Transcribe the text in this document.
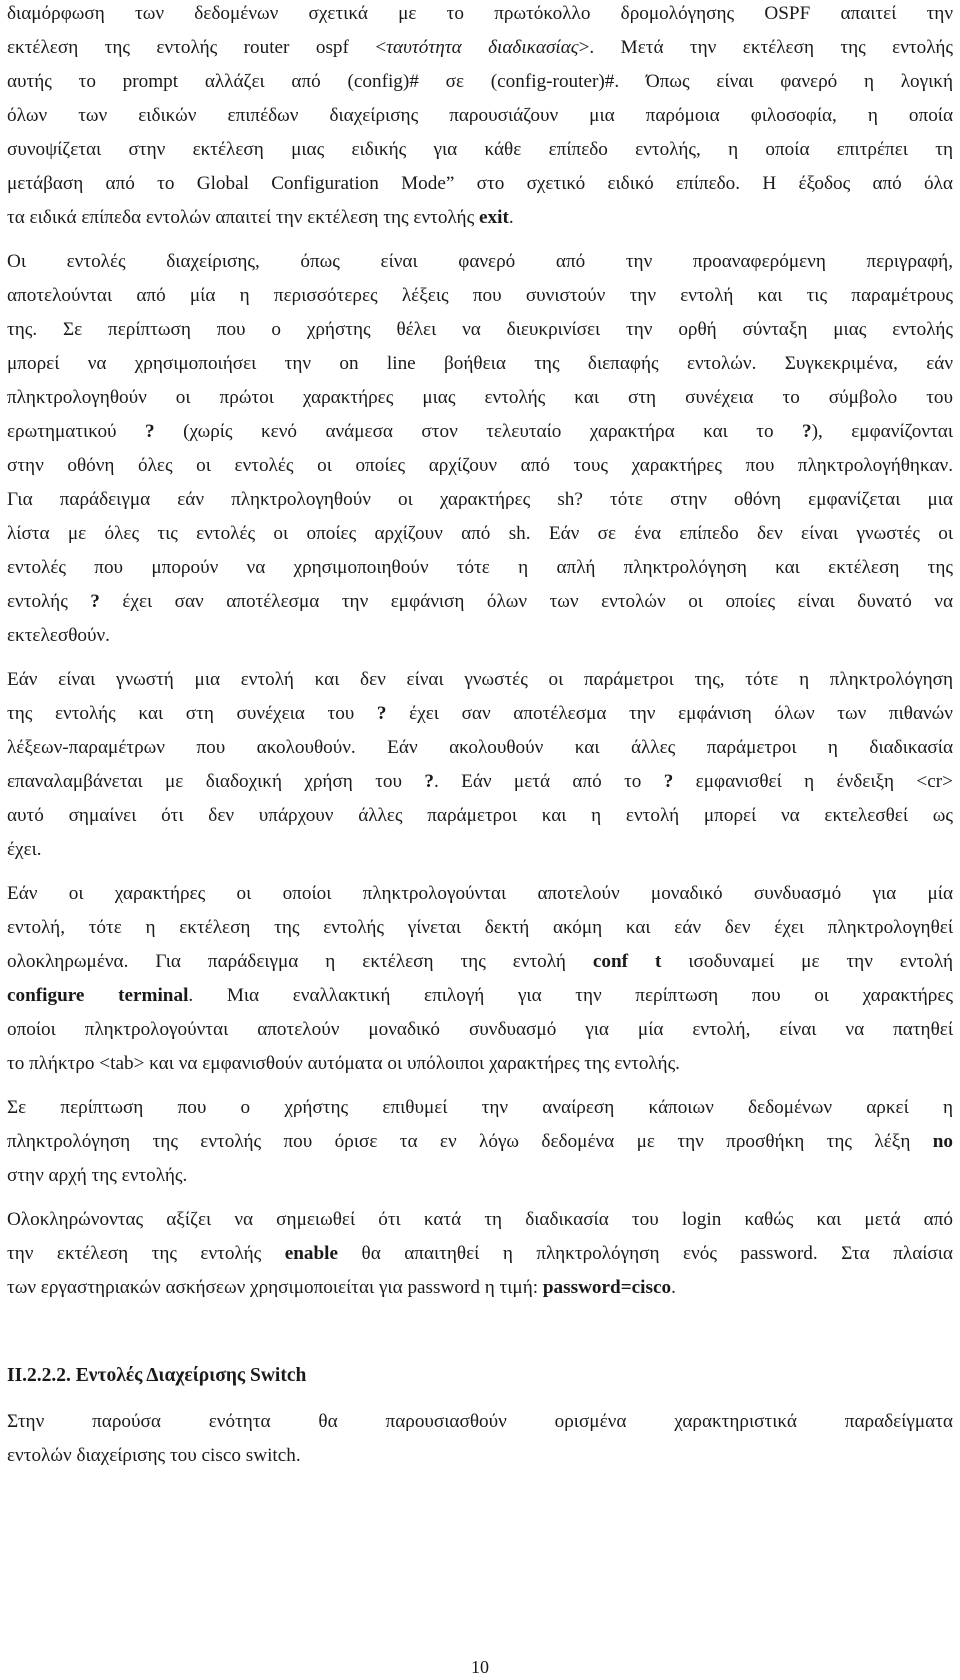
διαμόρφωση των δεδομένων σχετικά με το πρωτόκολλο δρομολόγησης OSPF απαιτεί την
εκτέλεση της εντολής router ospf <ταυτότητα διαδικασίας>. Μετά την εκτέλεση της εντολής
αυτής το prompt αλλάζει από (config)# σε (config-router)#. Όπως είναι φανερό η λογική
όλων των ειδικών επιπέδων διαχείρισης παρουσιάζουν μια παρόμοια φιλοσοφία, η οποία
συνοψίζεται στην εκτέλεση μιας ειδικής για κάθε επίπεδο εντολής, η οποία επιτρέπει τη
μετάβαση από το Global Configuration Mode” στο σχετικό ειδικό επίπεδο. Η έξοδος από όλα
τα ειδικά επίπεδα εντολών απαιτεί την εκτέλεση της εντολής exit.
Οι εντολές διαχείρισης, όπως είναι φανερό από την προαναφερόμενη περιγραφή,
αποτελούνται από μία η περισσότερες λέξεις που συνιστούν την εντολή και τις παραμέτρους
της. Σε περίπτωση που ο χρήστης θέλει να διευκρινίσει την ορθή σύνταξη μιας εντολής
μπορεί να χρησιμοποιήσει την on line βοήθεια της διεπαφής εντολών. Συγκεκριμένα, εάν
πληκτρολογηθούν οι πρώτοι χαρακτήρες μιας εντολής και στη συνέχεια το σύμβολο του
ερωτηματικού ? (χωρίς κενό ανάμεσα στον τελευταίο χαρακτήρα και το ?), εμφανίζονται
στην οθόνη όλες οι εντολές οι οποίες αρχίζουν από τους χαρακτήρες που πληκτρολογήθηκαν.
Για παράδειγμα εάν πληκτρολογηθούν οι χαρακτήρες sh? τότε στην οθόνη εμφανίζεται μια
λίστα με όλες τις εντολές οι οποίες αρχίζουν από sh. Εάν σε ένα επίπεδο δεν είναι γνωστές οι
εντολές που μπορούν να χρησιμοποιηθούν τότε η απλή πληκτρολόγηση και εκτέλεση της
εντολής ? έχει σαν αποτέλεσμα την εμφάνιση όλων των εντολών οι οποίες είναι δυνατό να
εκτελεσθούν.
Εάν είναι γνωστή μια εντολή και δεν είναι γνωστές οι παράμετροι της, τότε η πληκτρολόγηση
της εντολής και στη συνέχεια του ? έχει σαν αποτέλεσμα την εμφάνιση όλων των πιθανών
λέξεων-παραμέτρων που ακολουθούν. Εάν ακολουθούν και άλλες παράμετροι η διαδικασία
επαναλαμβάνεται με διαδοχική χρήση του ?. Εάν μετά από το ? εμφανισθεί η ένδειξη <cr>
αυτό σημαίνει ότι δεν υπάρχουν άλλες παράμετροι και η εντολή μπορεί να εκτελεσθεί ως
έχει.
Εάν οι χαρακτήρες οι οποίοι πληκτρολογούνται αποτελούν μοναδικό συνδυασμό για μία
εντολή, τότε η εκτέλεση της εντολής γίνεται δεκτή ακόμη και εάν δεν έχει πληκτρολογηθεί
ολοκληρωμένα. Για παράδειγμα η εκτέλεση της εντολή conf t ισοδυναμεί με την εντολή
configure terminal. Μια εναλλακτική επιλογή για την περίπτωση που οι χαρακτήρες
οποίοι πληκτρολογούνται αποτελούν μοναδικό συνδυασμό για μία εντολή, είναι να πατηθεί
το πλήκτρο <tab> και να εμφανισθούν αυτόματα οι υπόλοιποι χαρακτήρες της εντολής.
Σε περίπτωση που ο χρήστης επιθυμεί την αναίρεση κάποιων δεδομένων αρκεί η
πληκτρολόγηση της εντολής που όρισε τα εν λόγω δεδομένα με την προσθήκη της λέξη no
στην αρχή της εντολής.
Ολοκληρώνοντας αξίζει να σημειωθεί ότι κατά τη διαδικασία του login καθώς και μετά από
την εκτέλεση της εντολής enable θα απαιτηθεί η πληκτρολόγηση ενός password. Στα πλαίσια
των εργαστηριακών ασκήσεων χρησιμοποιείται για password η τιμή: password=cisco.
ΙΙ.2.2.2. Εντολές Διαχείρισης Switch
Στην παρούσα ενότητα θα παρουσιασθούν ορισμένα χαρακτηριστικά παραδείγματα
εντολών διαχείρισης του cisco switch.
10
